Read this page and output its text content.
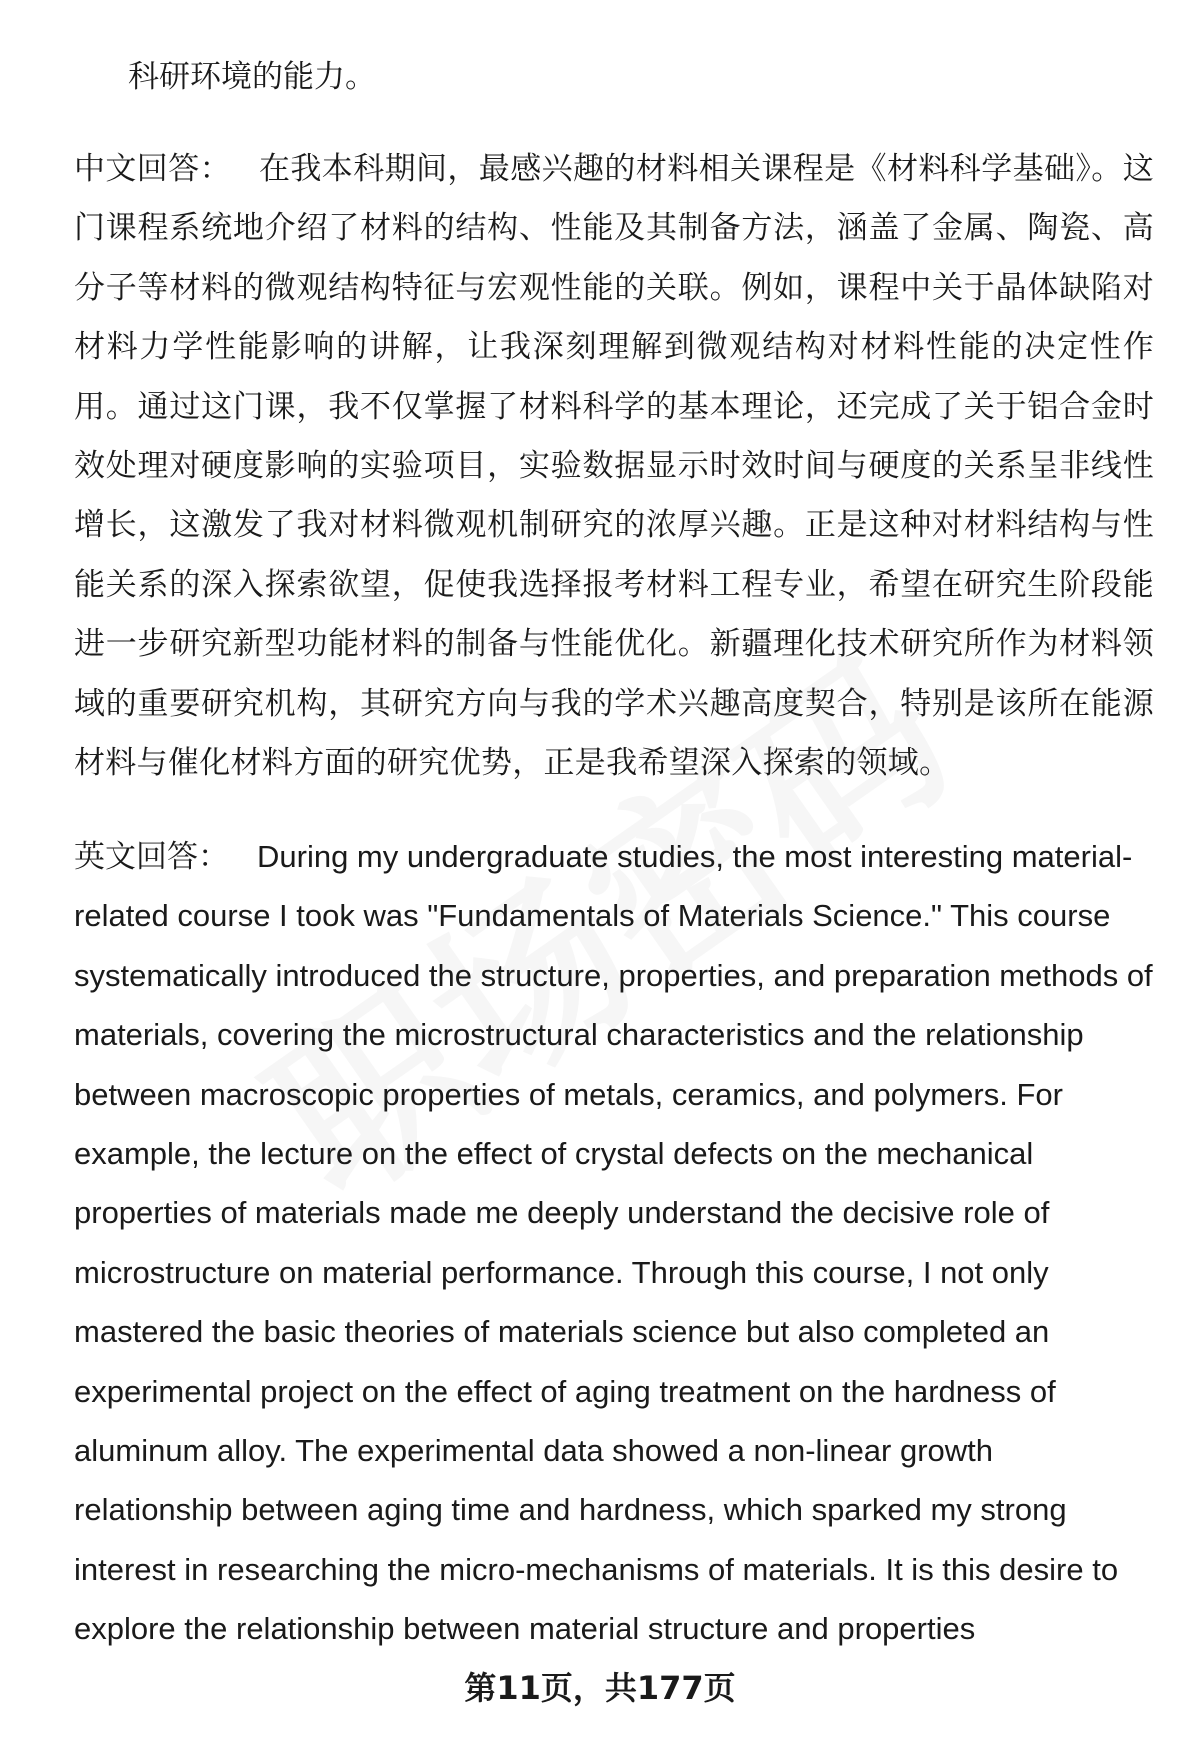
科研环境的能力。

中文回答： 在我本科期间，最感兴趣的材料相关课程是《材料科学基础》。这门课程系统地介绍了材料的结构、性能及其制备方法，涵盖了金属、陶瓷、高分子等材料的微观结构特征与宏观性能的关联。例如，课程中关于晶体缺陷对材料力学性能影响的讲解，让我深刻理解到微观结构对材料性能的决定性作用。通过这门课，我不仅掌握了材料科学的基本理论，还完成了关于铝合金时效处理对硬度影响的实验项目，实验数据显示时效时间与硬度的关系呈非线性增长，这激发了我对材料微观机制研究的浓厚兴趣。正是这种对材料结构与性能关系的深入探索欲望，促使我选择报考材料工程专业，希望在研究生阶段能进一步研究新型功能材料的制备与性能优化。新疆理化技术研究所作为材料领域的重要研究机构，其研究方向与我的学术兴趣高度契合，特别是该所在能源材料与催化材料方面的研究优势，正是我希望深入探索的领域。

英文回答： During my undergraduate studies, the most interesting material-related course I took was "Fundamentals of Materials Science." This course systematically introduced the structure, properties, and preparation methods of materials, covering the microstructural characteristics and the relationship between macroscopic properties of metals, ceramics, and polymers. For example, the lecture on the effect of crystal defects on the mechanical properties of materials made me deeply understand the decisive role of microstructure on material performance. Through this course, I not only mastered the basic theories of materials science but also completed an experimental project on the effect of aging treatment on the hardness of aluminum alloy. The experimental data showed a non-linear growth relationship between aging time and hardness, which sparked my strong interest in researching the micro-mechanisms of materials. It is this desire to explore the relationship between material structure and properties

第11页，共177页
